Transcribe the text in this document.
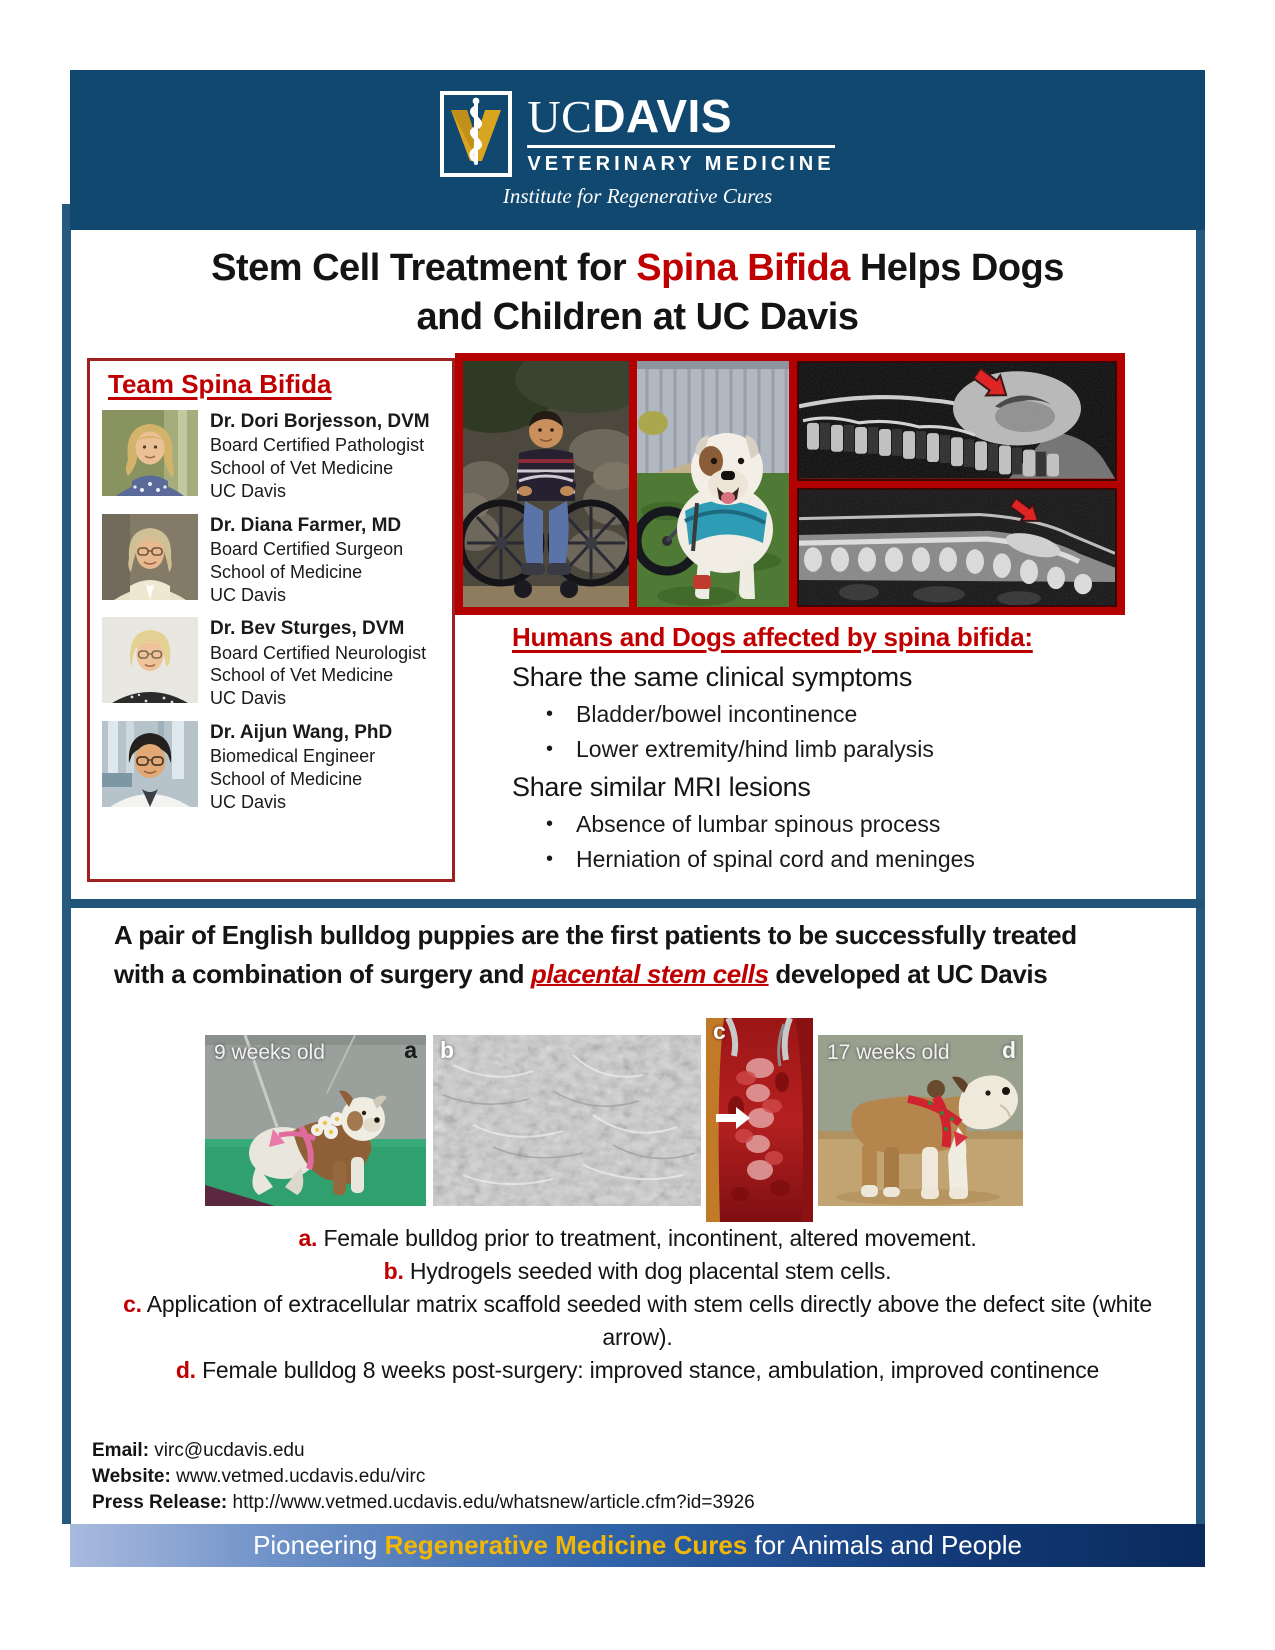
UCDAVIS
VETERINARY MEDICINE
Institute for Regenerative Cures
Stem Cell Treatment for Spina Bifida Helps Dogs
and Children at UC Davis
Team Spina Bifida
Dr. Dori Borjesson, DVM
Board Certified Pathologist
School of Vet Medicine
UC Davis
Dr. Diana Farmer, MD
Board Certified Surgeon
School of Medicine
UC Davis
Dr. Bev Sturges, DVM
Board Certified Neurologist
School of Vet Medicine
UC Davis
Dr. Aijun Wang, PhD
Biomedical Engineer
School of Medicine
UC Davis
Humans and Dogs affected by spina bifida:
Share the same clinical symptoms
• Bladder/bowel incontinence
• Lower extremity/hind limb paralysis
Share similar MRI lesions
• Absence of lumbar spinous process
• Herniation of spinal cord and meninges

A pair of English bulldog puppies are the first patients to be successfully treated with a combination of surgery and placental stem cells developed at UC Davis

9 weeks old	a b
c
17 weeks old d
a. Female bulldog prior to treatment, incontinent, altered movement.
b. Hydrogels seeded with dog placental stem cells.
c. Application of extracellular matrix scaffold seeded with stem cells directly above the defect site (white arrow).
d. Female bulldog 8 weeks post-surgery: improved stance, ambulation, improved continence
Email: virc@ucdavis.edu
Website: www.vetmed.ucdavis.edu/virc
Press Release: http://www.vetmed.ucdavis.edu/whatsnew/article.cfm?id=3926
Pioneering Regenerative Medicine Cures for Animals and People
